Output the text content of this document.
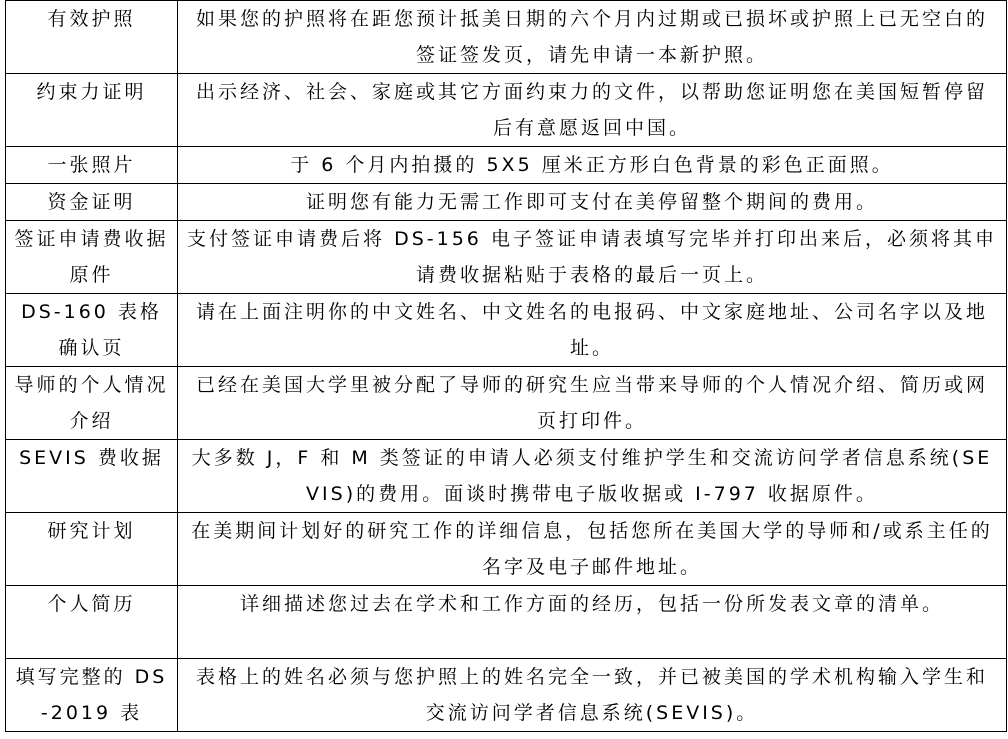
有效护照	如果您的护照将在距您预计抵美日期的六个月内过期或已损坏或护照上已无空白的签证签发页，请先申请一本新护照。
约束力证明	出示经济、社会、家庭或其它方面约束力的文件，以帮助您证明您在美国短暂停留后有意愿返回中国。
一张照片	于 6 个月内拍摄的 5X5 厘米正方形白色背景的彩色正面照。
资金证明	证明您有能力无需工作即可支付在美停留整个期间的费用。
签证申请费收据原件	支付签证申请费后将 DS-156 电子签证申请表填写完毕并打印出来后，必须将其申请费收据粘贴于表格的最后一页上。
DS-160 表格确认页	请在上面注明你的中文姓名、中文姓名的电报码、中文家庭地址、公司名字以及地址。
导师的个人情况介绍	已经在美国大学里被分配了导师的研究生应当带来导师的个人情况介绍、简历或网页打印件。
SEVIS 费收据	大多数 J，F 和 M 类签证的申请人必须支付维护学生和交流访问学者信息系统(SEVIS)的费用。面谈时携带电子版收据或 I-797 收据原件。
研究计划	在美期间计划好的研究工作的详细信息，包括您所在美国大学的导师和/或系主任的名字及电子邮件地址。
个人简历	详细描述您过去在学术和工作方面的经历，包括一份所发表文章的清单。
填写完整的 DS-2019 表	表格上的姓名必须与您护照上的姓名完全一致，并已被美国的学术机构输入学生和交流访问学者信息系统(SEVIS)。
